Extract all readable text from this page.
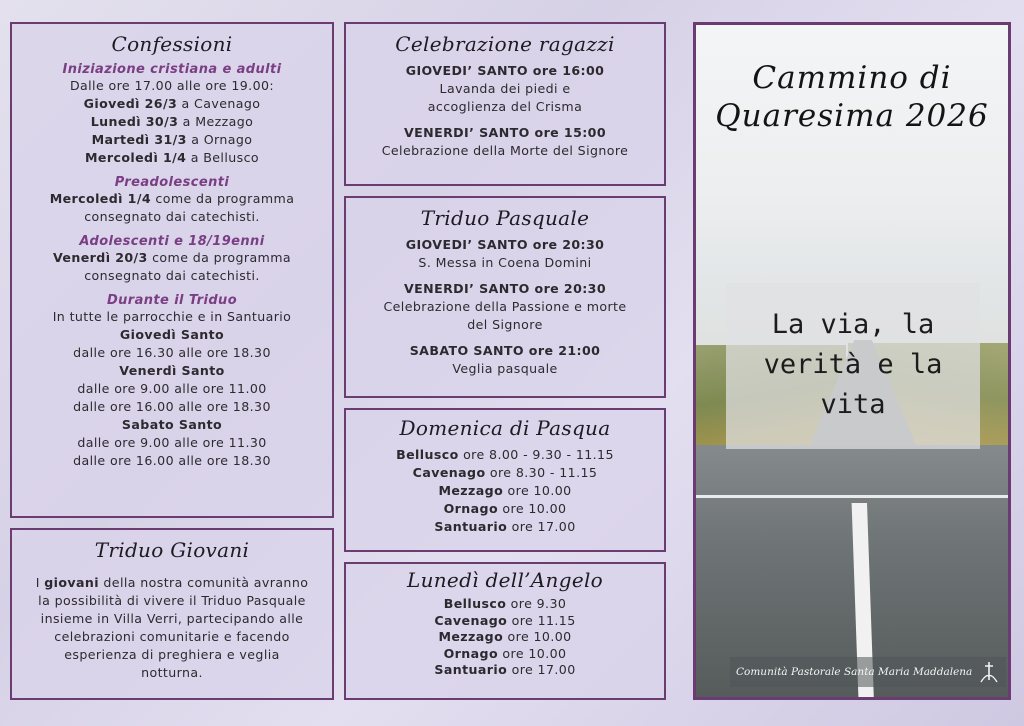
Confessioni
Iniziazione cristiana e adulti
Dalle ore 17.00 alle ore 19.00:
Giovedì 26/3 a Cavenago
Lunedì 30/3 a Mezzago
Martedì 31/3 a Ornago
Mercoledì 1/4 a Bellusco
Preadolescenti
Mercoledì 1/4 come da programma
consegnato dai catechisti.
Adolescenti e 18/19enni
Venerdì 20/3 come da programma
consegnato dai catechisti.
Durante il Triduo
In tutte le parrocchie e in Santuario
Giovedì Santo
dalle ore 16.30 alle ore 18.30
Venerdì Santo
dalle ore 9.00 alle ore 11.00
dalle ore 16.00 alle ore 18.30
Sabato Santo
dalle ore 9.00 alle ore 11.30
dalle ore 16.00 alle ore 18.30
Triduo Giovani
I giovani della nostra comunità avranno
la possibilità di vivere il Triduo Pasquale
insieme in Villa Verri, partecipando alle
celebrazioni comunitarie e facendo
esperienza di preghiera e veglia
notturna.
Celebrazione ragazzi
GIOVEDI’ SANTO ore 16:00
Lavanda dei piedi e
accoglienza del Crisma
VENERDI’ SANTO ore 15:00
Celebrazione della Morte del Signore
Triduo Pasquale
GIOVEDI’ SANTO ore 20:30
S. Messa in Coena Domini
VENERDI’ SANTO ore 20:30
Celebrazione della Passione e morte
del Signore
SABATO SANTO ore 21:00
Veglia pasquale
Domenica di Pasqua
Bellusco ore 8.00 - 9.30 - 11.15
Cavenago ore 8.30 - 11.15
Mezzago ore 10.00
Ornago ore 10.00
Santuario ore 17.00
Lunedì dell’Angelo
Bellusco ore 9.30
Cavenago ore 11.15
Mezzago ore 10.00
Ornago ore 10.00
Santuario ore 17.00
Cammino di
Quaresima 2026
La via, la
verità e la
vita
Comunità Pastorale Santa Maria Maddalena
